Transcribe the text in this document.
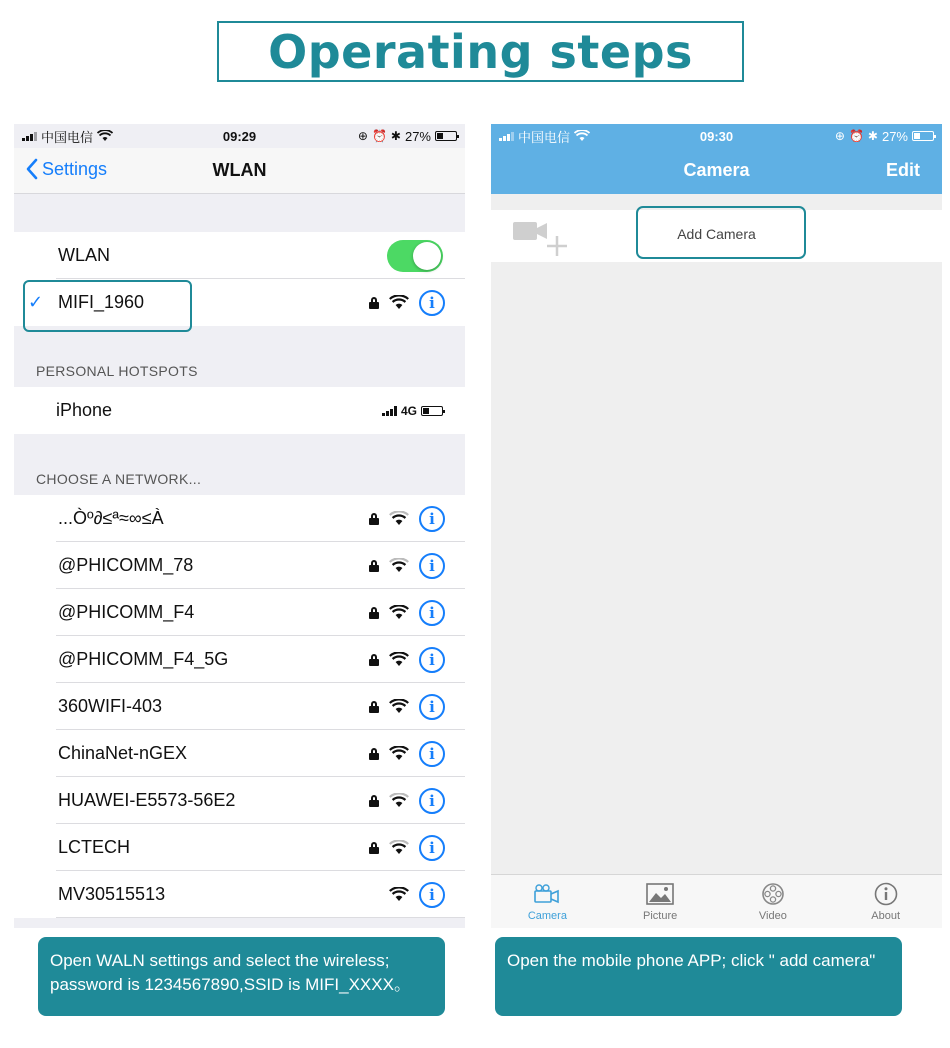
Operating steps
中国电信	09:29	⊕ ⏰ ✱ 27%
Settings	WLAN
WLAN
✓ MIFI_1960	i
PERSONAL HOTSPOTS
iPhone	4G
CHOOSE A NETWORK...
...Òº∂≤ª≈∞≤À	i
@PHICOMM_78	i
@PHICOMM_F4	i
@PHICOMM_F4_5G	i
360WIFI-403	i
ChinaNet-nGEX	i
HUAWEI-E5573-56E2	i
LCTECH	i
MV30515513	i
中国电信	09:30	⊕ ⏰ ✱ 27%
Camera	Edit
Add Camera
Camera	Picture	Video	About
Open WALN settings and select the wireless; password is 1234567890,SSID is MIFI_XXXX。
Open the mobile phone APP; click " add camera"
